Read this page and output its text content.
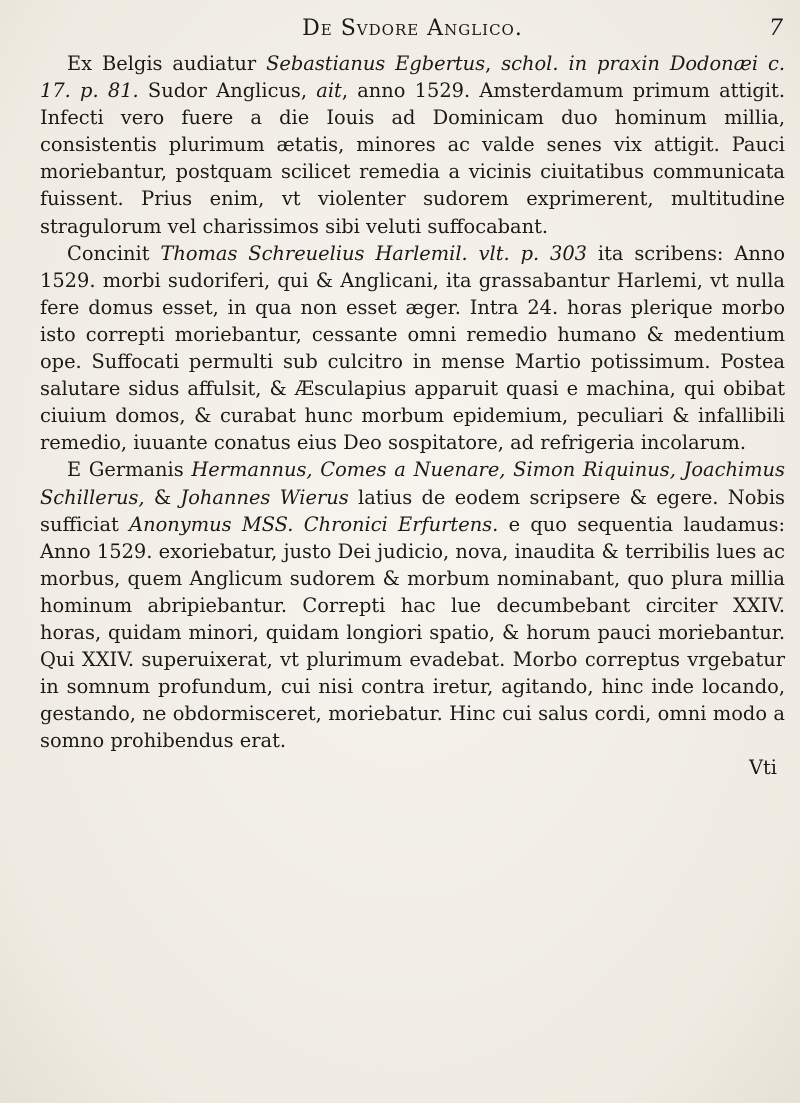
De Svdore Anglico.	7

Ex Belgis audiatur Sebastianus Egbertus, schol. in praxin Dodonæi c. 17. p. 81. Sudor Anglicus, ait, anno 1529. Amsterdamum primum attigit. Infecti vero fuere a die Iouis ad Dominicam duo hominum millia, consistentis plurimum ætatis, minores ac valde senes vix attigit. Pauci moriebantur, postquam scilicet remedia a vicinis ciuitatibus communicata fuissent. Prius enim, vt violenter sudorem exprimerent, multitudine stragulorum vel charissimos sibi veluti suffocabant.

Concinit Thomas Schreuelius Harlemil. vlt. p. 303 ita scribens: Anno 1529. morbi sudoriferi, qui & Anglicani, ita grassabantur Harlemi, vt nulla fere domus esset, in qua non esset æger. Intra 24. horas plerique morbo isto correpti moriebantur, cessante omni remedio humano & medentium ope. Suffocati permulti sub culcitro in mense Martio potissimum. Postea salutare sidus affulsit, & Æsculapius apparuit quasi e machina, qui obibat ciuium domos, & curabat hunc morbum epidemium, peculiari & infallibili remedio, iuuante conatus eius Deo sospitatore, ad refrigeria incolarum.

E Germanis Hermannus, Comes a Nuenare, Simon Riquinus, Joachimus Schillerus, & Johannes Wierus latius de eodem scripsere & egere. Nobis sufficiat Anonymus MSS. Chronici Erfurtens. e quo sequentia laudamus: Anno 1529. exoriebatur, justo Dei judicio, nova, inaudita & terribilis lues ac morbus, quem Anglicum sudorem & morbum nominabant, quo plura millia hominum abripiebantur. Correpti hac lue decumbebant circiter XXIV. horas, quidam minori, quidam longiori spatio, & horum pauci moriebantur. Qui XXIV. superuixerat, vt plurimum evadebat. Morbo correptus vrgebatur in somnum profundum, cui nisi contra iretur, agitando, hinc inde locando, gestando, ne obdormisceret, moriebatur. Hinc cui salus cordi, omni modo a somno prohibendus erat.

Vti
